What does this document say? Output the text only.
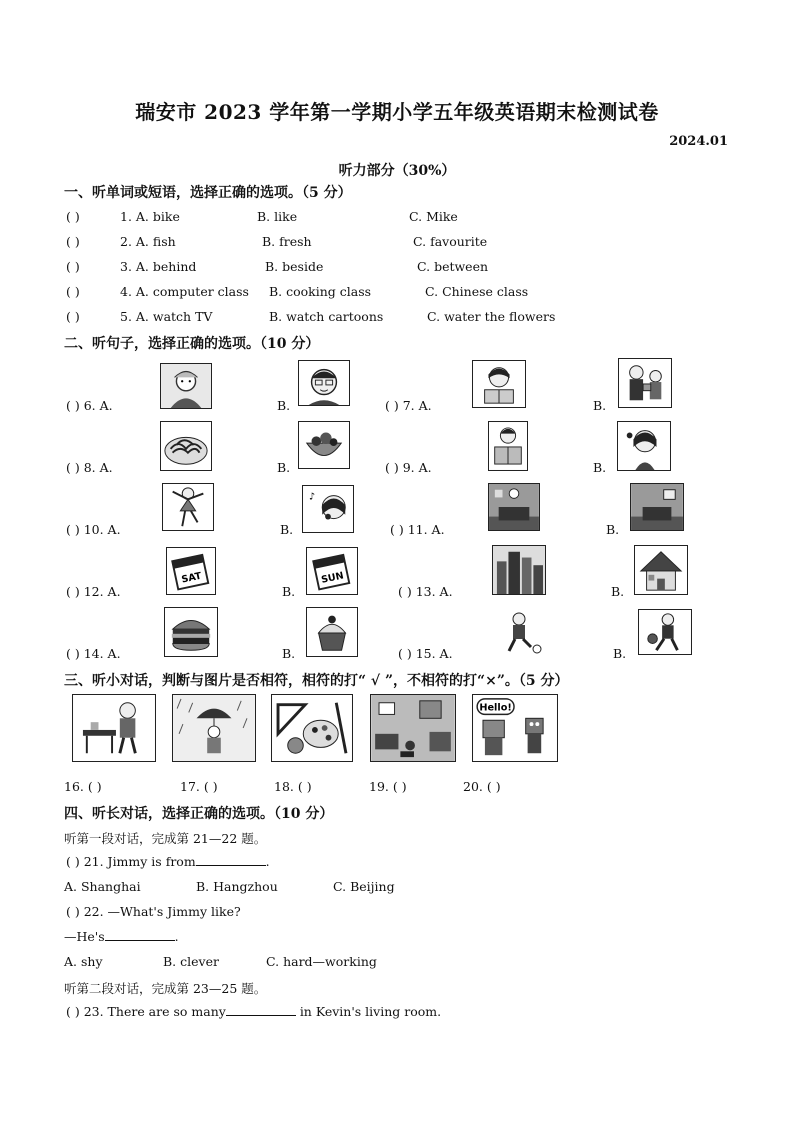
瑞安市 2023 学年第一学期小学五年级英语期末检测试卷
2024.01
听力部分（30%）
一、听单词或短语，选择正确的选项。（5 分）
( )	1. A. bike	B. like	C. Mike
( )	2. A. fish	B. fresh	C. favourite
( )	3. A. behind	B. beside	C. between
( )	4. A. computer class B. cooking class	C. Chinese class
( )	5. A. watch TV	B. watch cartoons	C. water the flowers
二、听句子，选择正确的选项。（10 分）
( ) 6. A.	B.	( ) 7. A.	B.
( ) 8. A.	B.	( ) 9. A.	B.
( ) 10. A.	B.
♪
( ) 11. A.	B.
( ) 12. A.
SAT
B.
SUN
( ) 13. A.	B.
( ) 14. A.	B.	( ) 15. A.	B.
三、听小对话，判断与图片是否相符，相符的打“ √ ”，不相符的打“×”。（5 分）
Hello!
16. ( )	17. ( )	18. ( )	19. ( )	20. ( )
四、听长对话，选择正确的选项。（10 分）
听第一段对话，完成第 21—22 题。
( ) 21. Jimmy is from	.
A. Shanghai	B. Hangzhou	C. Beijing
( ) 22. —What's Jimmy like?
—He's	.
A. shy	B. clever	C. hard—working
听第二段对话，完成第 23—25 题。
( ) 23. There are so many	in Kevin's living room.
